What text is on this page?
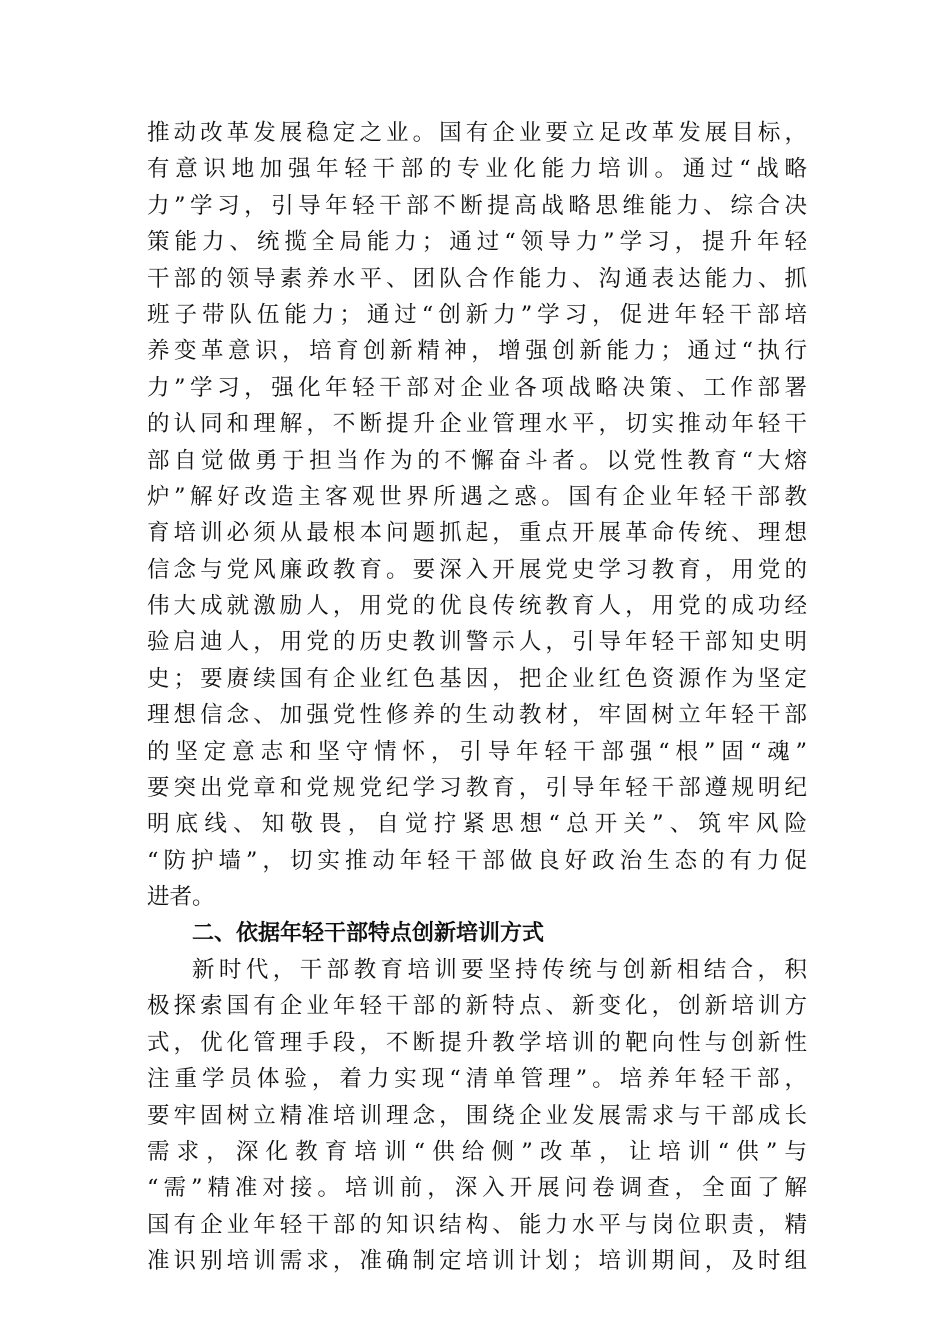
推动改革发展稳定之业。国有企业要立足改革发展目标，
有意识地加强年轻干部的专业化能力培训。通过“战略
力”学习，引导年轻干部不断提高战略思维能力、综合决
策能力、统揽全局能力；通过“领导力”学习，提升年轻
干部的领导素养水平、团队合作能力、沟通表达能力、抓
班子带队伍能力；通过“创新力”学习，促进年轻干部培
养变革意识，培育创新精神，增强创新能力；通过“执行
力”学习，强化年轻干部对企业各项战略决策、工作部署
的认同和理解，不断提升企业管理水平，切实推动年轻干
部自觉做勇于担当作为的不懈奋斗者。以党性教育“大熔
炉”解好改造主客观世界所遇之惑。国有企业年轻干部教
育培训必须从最根本问题抓起，重点开展革命传统、理想
信念与党风廉政教育。要深入开展党史学习教育，用党的
伟大成就激励人，用党的优良传统教育人，用党的成功经
验启迪人，用党的历史教训警示人，引导年轻干部知史明
史；要赓续国有企业红色基因，把企业红色资源作为坚定
理想信念、加强党性修养的生动教材，牢固树立年轻干部
的坚定意志和坚守情怀，引导年轻干部强“根”固“魂”
要突出党章和党规党纪学习教育，引导年轻干部遵规明纪
明底线、知敬畏，自觉拧紧思想“总开关”、筑牢风险
“防护墙”，切实推动年轻干部做良好政治生态的有力促
进者。
二、依据年轻干部特点创新培训方式
新时代，干部教育培训要坚持传统与创新相结合，积
极探索国有企业年轻干部的新特点、新变化，创新培训方
式，优化管理手段，不断提升教学培训的靶向性与创新性
注重学员体验，着力实现“清单管理”。培养年轻干部，
要牢固树立精准培训理念，围绕企业发展需求与干部成长
需求，深化教育培训“供给侧”改革，让培训“供”与
“需”精准对接。培训前，深入开展问卷调查，全面了解
国有企业年轻干部的知识结构、能力水平与岗位职责，精
准识别培训需求，准确制定培训计划；培训期间，及时组
